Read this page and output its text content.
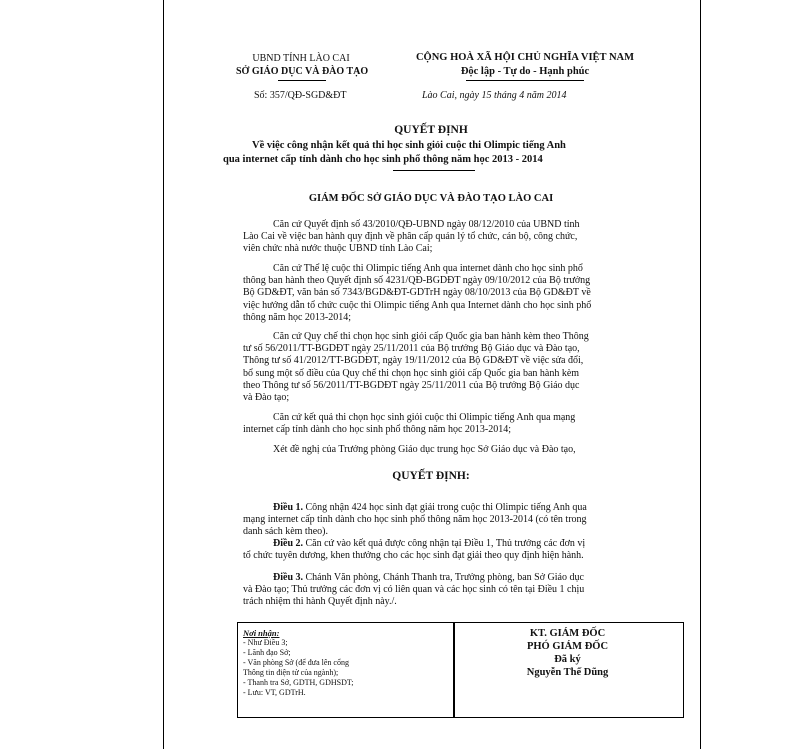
UBND TỈNH LÀO CAI
SỞ GIÁO DỤC VÀ ĐÀO TẠO
CỘNG HOÀ XÃ HỘI CHỦ NGHĨA VIỆT NAM
Độc lập - Tự do - Hạnh phúc
Số: 357/QĐ-SGD&ĐT	Lào Cai, ngày 15 tháng 4 năm 2014
QUYẾT ĐỊNH
Về việc công nhận kết quả thi học sinh giỏi cuộc thi Olimpic tiếng Anh
qua internet cấp tỉnh dành cho học sinh phổ thông năm học 2013 - 2014
GIÁM ĐỐC SỞ GIÁO DỤC VÀ ĐÀO TẠO LÀO CAI
Căn cứ Quyết định số 43/2010/QĐ-UBND ngày 08/12/2010 của UBND tỉnh
Lào Cai về việc ban hành quy định về phân cấp quản lý tổ chức, cán bộ, công chức,
viên chức nhà nước thuộc UBND tỉnh Lào Cai;
Căn cứ Thể lệ cuộc thi Olimpic tiếng Anh qua internet dành cho học sinh phổ
thông ban hành theo Quyết định số 4231/QĐ-BGDĐT ngày 09/10/2012 của Bộ trưởng
Bộ GD&ĐT, văn bản số 7343/BGD&ĐT-GDTrH ngày 08/10/2013 của Bộ GD&ĐT về
việc hướng dẫn tổ chức cuộc thi Olimpic tiếng Anh qua Internet dành cho học sinh phổ
thông năm học 2013-2014;
Căn cứ Quy chế thi chọn học sinh giỏi cấp Quốc gia ban hành kèm theo Thông
tư số 56/2011/TT-BGDĐT ngày 25/11/2011 của Bộ trưởng Bộ Giáo dục và Đào tạo,
Thông tư số 41/2012/TT-BGDĐT, ngày 19/11/2012 của Bộ GD&ĐT về việc sửa đổi,
bổ sung một số điều của Quy chế thi chọn học sinh giỏi cấp Quốc gia ban hành kèm
theo Thông tư số 56/2011/TT-BGDĐT ngày 25/11/2011 của Bộ trưởng Bộ Giáo dục
và Đào tạo;
Căn cứ kết quả thi chọn học sinh giỏi cuộc thi Olimpic tiếng Anh qua mạng
internet cấp tỉnh dành cho học sinh phổ thông năm học 2013-2014;
Xét đề nghị của Trưởng phòng Giáo dục trung học Sở Giáo dục và Đào tạo,
QUYẾT ĐỊNH:
Điều 1. Công nhận 424 học sinh đạt giải trong cuộc thi Olimpic tiếng Anh qua
mạng internet cấp tỉnh dành cho học sinh phổ thông năm học 2013-2014 (có tên trong
danh sách kèm theo).
Điều 2. Căn cứ vào kết quả được công nhận tại Điều 1, Thủ trưởng các đơn vị
tổ chức tuyên dương, khen thưởng cho các học sinh đạt giải theo quy định hiện hành.
Điều 3. Chánh Văn phòng, Chánh Thanh tra, Trưởng phòng, ban Sở Giáo dục
và Đào tạo; Thủ trưởng các đơn vị có liên quan và các học sinh có tên tại Điều 1 chịu
trách nhiệm thi hành Quyết định này./.
Nơi nhận:
- Như Điều 3;
- Lãnh đạo Sở;
- Văn phòng Sở (để đưa lên cổng
Thông tin điện tử của ngành);
- Thanh tra Sở, GDTH, GDHSDT;
- Lưu: VT, GDTrH.
KT. GIÁM ĐỐC
PHÓ GIÁM ĐỐC
Đã ký
Nguyễn Thế Dũng
